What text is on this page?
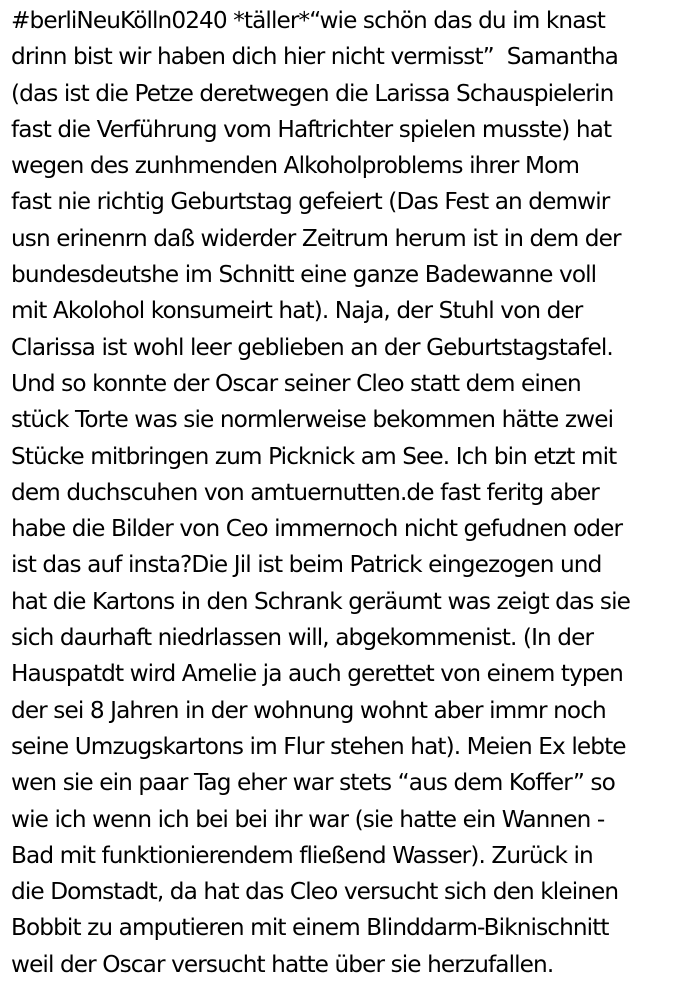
#berliNeuKölln0240 *täller*“wie schön das du im knast
drinn bist wir haben dich hier nicht vermisst”  Samantha
(das ist die Petze deretwegen die Larissa Schauspielerin
fast die Verführung vom Haftrichter spielen musste) hat
wegen des zunhmenden Alkoholproblems ihrer Mom
fast nie richtig Geburtstag gefeiert (Das Fest an demwir
usn erinenrn daß widerder Zeitrum herum ist in dem der
bundesdeutshe im Schnitt eine ganze Badewanne voll
mit Akolohol konsumeirt hat). Naja, der Stuhl von der
Clarissa ist wohl leer geblieben an der Geburtstagstafel.
Und so konnte der Oscar seiner Cleo statt dem einen
stück Torte was sie normlerweise bekommen hätte zwei
Stücke mitbringen zum Picknick am See. Ich bin etzt mit
dem duchscuhen von amtuernutten.de fast feritg aber
habe die Bilder von Ceo immernoch nicht gefudnen oder
ist das auf insta?Die Jil ist beim Patrick eingezogen und
hat die Kartons in den Schrank geräumt was zeigt das sie
sich daurhaft niedrlassen will, abgekommenist. (In der
Hauspatdt wird Amelie ja auch gerettet von einem typen
der sei 8 Jahren in der wohnung wohnt aber immr noch
seine Umzugskartons im Flur stehen hat). Meien Ex lebte
wen sie ein paar Tag eher war stets “aus dem Koffer” so
wie ich wenn ich bei bei ihr war (sie hatte ein Wannen -
Bad mit funktionierendem fließend Wasser). Zurück in
die Domstadt, da hat das Cleo versucht sich den kleinen
Bobbit zu amputieren mit einem Blinddarm-Biknischnitt
weil der Oscar versucht hatte über sie herzufallen.
